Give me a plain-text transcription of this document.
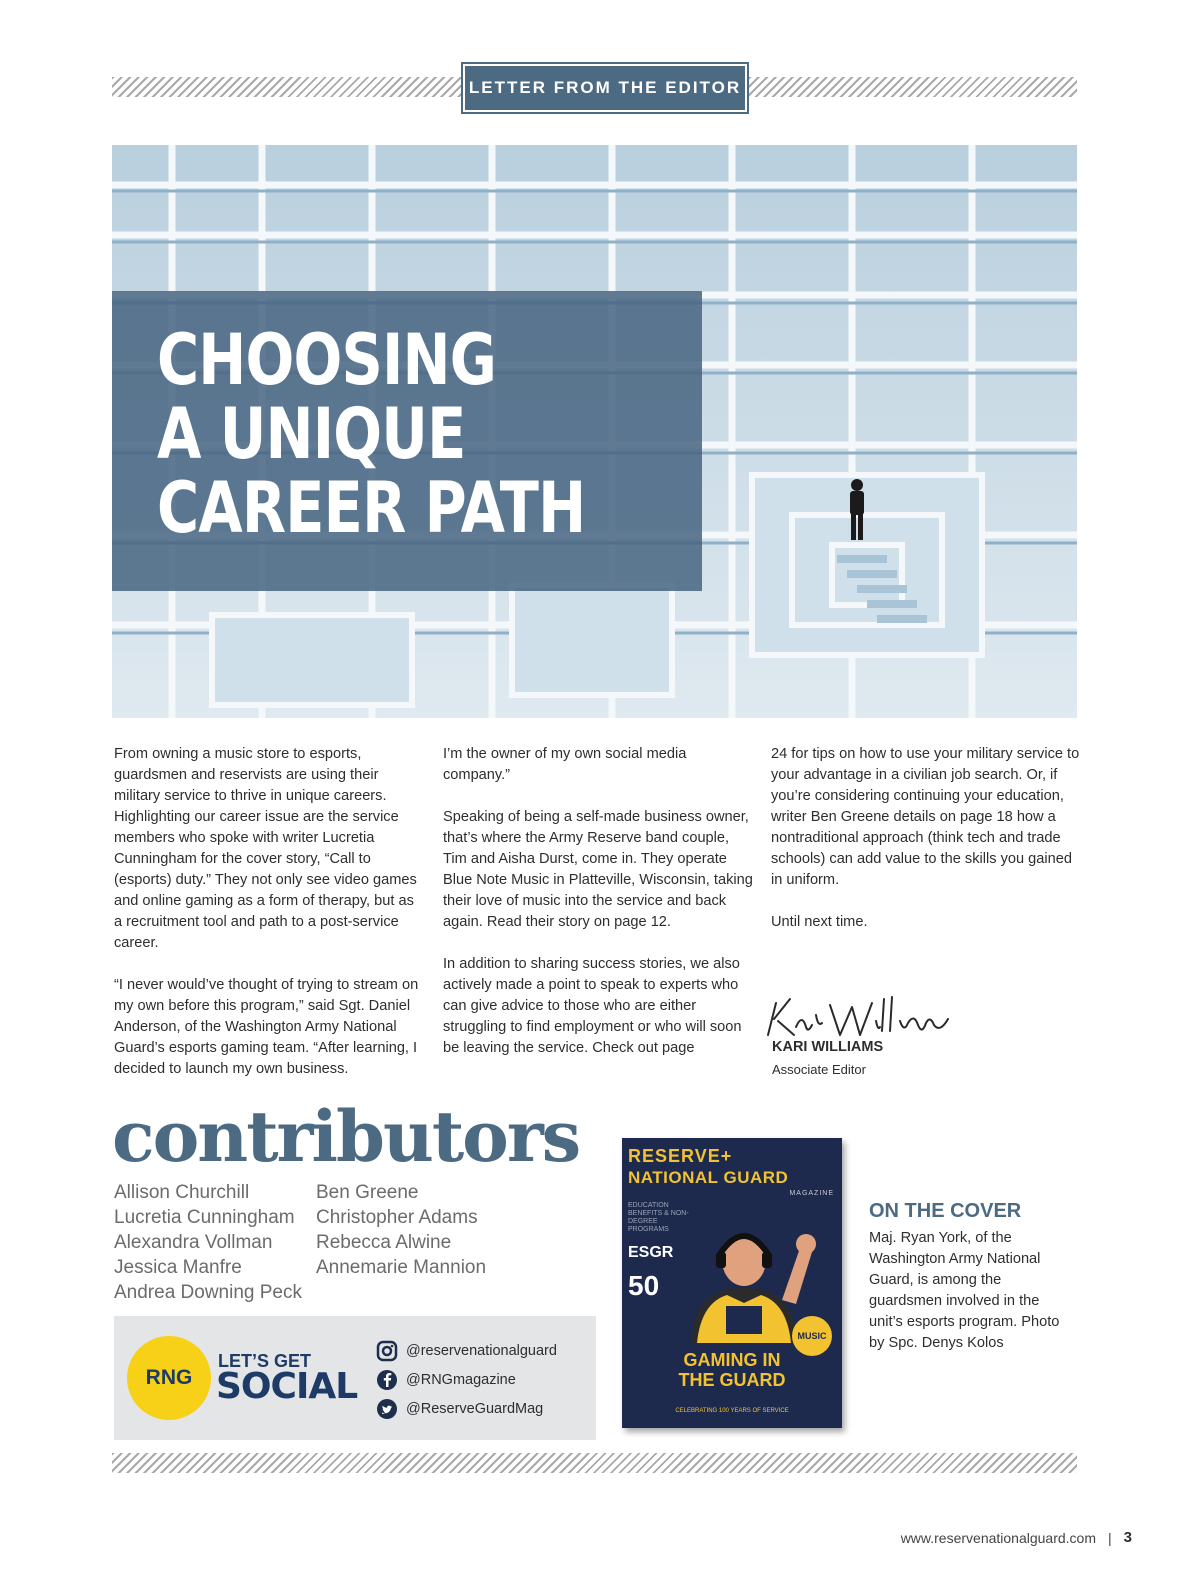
LETTER FROM THE EDITOR
CHOOSING
A UNIQUE
CAREER PATH

From owning a music store to esports, guardsmen and reservists are using their military service to thrive in unique careers. Highlighting our career issue are the service members who spoke with writer Lucretia Cunningham for the cover story, “Call to (esports) duty.” They not only see video games and online gaming as a form of therapy, but as a recruitment tool and path to a post-service career.

“I never would’ve thought of trying to stream on my own before this program,” said Sgt. Daniel Anderson, of the Washington Army National Guard’s esports gaming team. “After learning, I decided to launch my own business.

I’m the owner of my own social media company.”

Speaking of being a self-made business owner, that’s where the Army Reserve band couple, Tim and Aisha Durst, come in. They operate Blue Note Music in Platteville, Wisconsin, taking their love of music into the service and back again. Read their story on page 12.

In addition to sharing success stories, we also actively made a point to speak to experts who can give advice to those who are either struggling to find employment or who will soon be leaving the service. Check out page

24 for tips on how to use your military service to your advantage in a civilian job search. Or, if you’re considering continuing your education, writer Ben Greene details on page 18 how a nontraditional approach (think tech and trade schools) can add value to the skills you gained in uniform.

Until next time.

KARI WILLIAMS
Associate Editor
contributors
Allison Churchill
Lucretia Cunningham
Alexandra Vollman
Jessica Manfre
Andrea Downing Peck
Ben Greene
Christopher Adams
Rebecca Alwine
Annemarie Mannion
RNG
LET’S GET
SOCIAL
@reservenationalguard
@RNGmagazine
@ReserveGuardMag
RESERVE+
NATIONAL GUARD
MAGAZINE
EDUCATION BENEFITS & NON-DEGREE PROGRAMS
ESGR
50
MUSIC
GAMING IN
THE GUARD
CELEBRATING 100 YEARS OF SERVICE
ON THE COVER
Maj. Ryan York, of the Washington Army National Guard, is among the guardsmen involved in the unit’s esports program. Photo by Spc. Denys Kolos
www.reservenationalguard.com | 3
